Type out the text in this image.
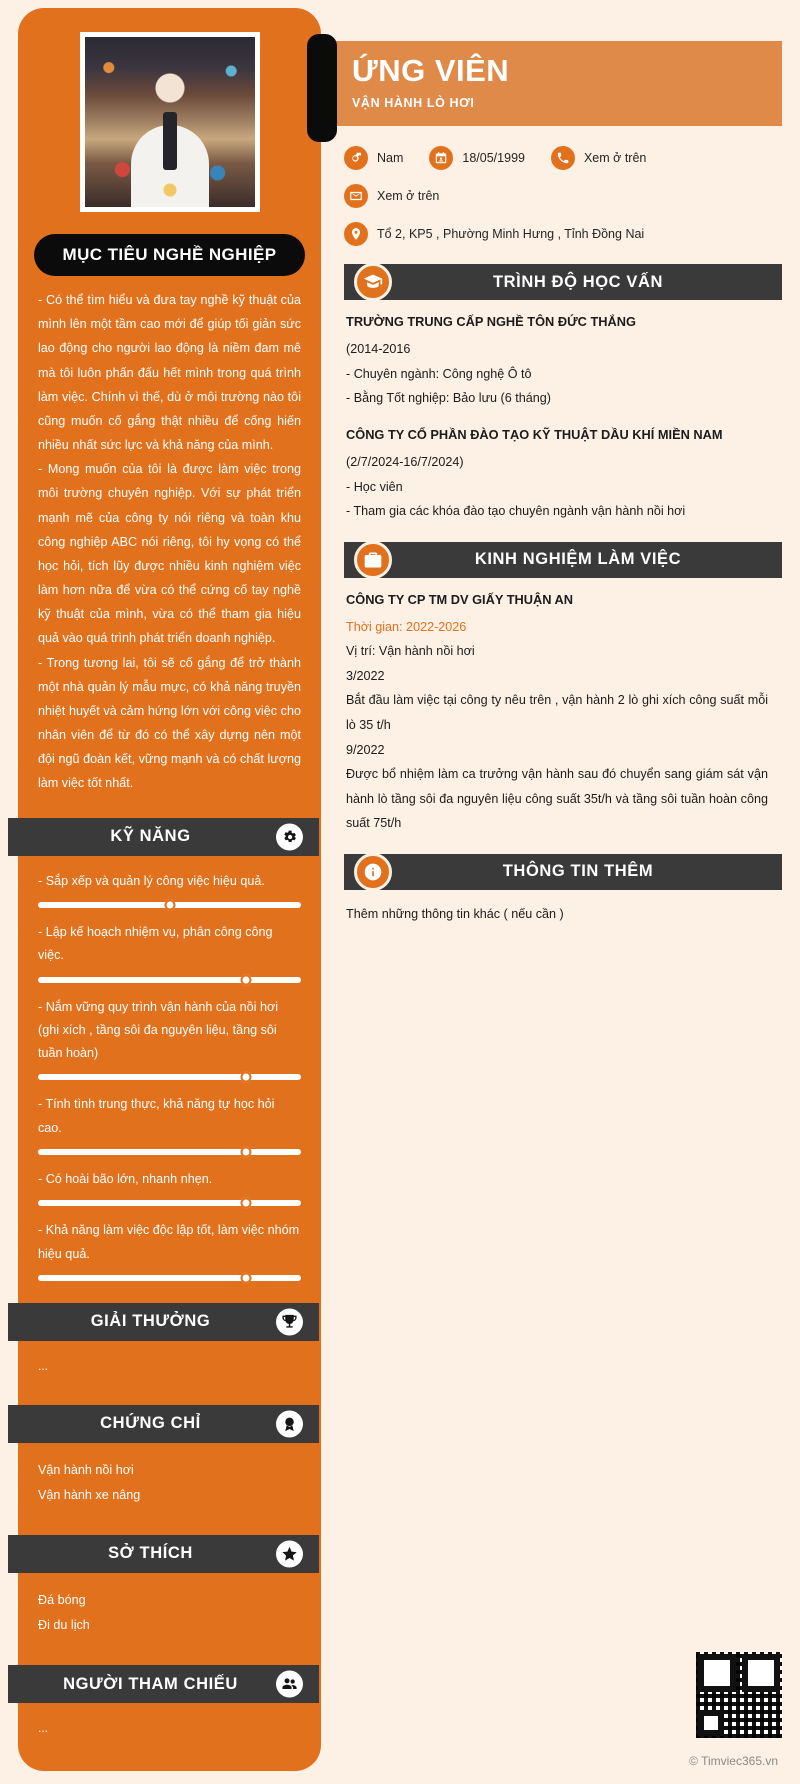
MỤC TIÊU NGHỀ NGHIỆP

- Có thể tìm hiểu và đưa tay nghề kỹ thuật của mình lên một tầm cao mới để giúp tối giản sức lao động cho người lao động là niềm đam mê mà tôi luôn phấn đấu hết mình trong quá trình làm việc. Chính vì thế, dù ở môi trường nào tôi cũng muốn cố gắng thật nhiều để cống hiến nhiều nhất sức lực và khả năng của mình.

- Mong muốn của tôi là được làm việc trong môi trường chuyên nghiệp. Với sự phát triển mạnh mẽ của công ty nói riêng và toàn khu công nghiệp ABC nói riêng, tôi hy vọng có thể học hỏi, tích lũy được nhiều kinh nghiệm việc làm hơn nữa để vừa có thể cứng cố tay nghề kỹ thuật của mình, vừa có thể tham gia hiệu quả vào quá trình phát triển doanh nghiệp.

- Trong tương lai, tôi sẽ cố gắng để trở thành một nhà quản lý mẫu mực, có khả năng truyền nhiệt huyết và cảm hứng lớn với công việc cho nhân viên để từ đó có thể xây dựng nên một đội ngũ đoàn kết, vững mạnh và có chất lượng làm việc tốt nhất.

KỸ NĂNG
- Sắp xếp và quản lý công việc hiệu quả.
- Lập kế hoạch nhiệm vụ, phân công công việc.
- Nắm vững quy trình vận hành của nồi hơi (ghi xích , tầng sôi đa nguyên liệu, tầng sôi tuần hoàn)
- Tính tình trung thực, khả năng tự học hỏi cao.
- Có hoài bão lớn, nhanh nhẹn.
- Khả năng làm việc độc lập tốt, làm việc nhóm hiệu quả.
GIẢI THƯỞNG
...
CHỨNG CHỈ
Vận hành nồi hơi
Vận hành xe nâng
SỞ THÍCH
Đá bóng
Đi du lịch
NGƯỜI THAM CHIẾU
...
ỨNG VIÊN
VẬN HÀNH LÒ HƠI
Nam	18/05/1999	Xem ở trên
Xem ở trên
Tổ 2, KP5 , Phường Minh Hưng , Tỉnh Đồng Nai
TRÌNH ĐỘ HỌC VẤN
TRƯỜNG TRUNG CẤP NGHỀ TÔN ĐỨC THẮNG
(2014-2016
- Chuyên ngành: Công nghệ Ô tô
- Bằng Tốt nghiệp: Bảo lưu (6 tháng)
CÔNG TY CỔ PHẦN ĐÀO TẠO KỸ THUẬT DẦU KHÍ MIỀN NAM
(2/7/2024-16/7/2024)
- Học viên
- Tham gia các khóa đào tạo chuyên ngành vận hành nồi hơi
KINH NGHIỆM LÀM VIỆC
CÔNG TY CP TM DV GIẤY THUẬN AN
Thời gian: 2022-2026
Vị trí: Vận hành nồi hơi
3/2022
Bắt đầu làm việc tại công ty nêu trên , vận hành 2 lò ghi xích công suất mỗi lò 35 t/h
9/2022
Được bổ nhiệm làm ca trưởng vận hành sau đó chuyển sang giám sát vận hành lò tầng sôi đa nguyên liệu công suất 35t/h và tầng sôi tuần hoàn công suất 75t/h
THÔNG TIN THÊM
Thêm những thông tin khác ( nếu cần )
© Timviec365.vn
